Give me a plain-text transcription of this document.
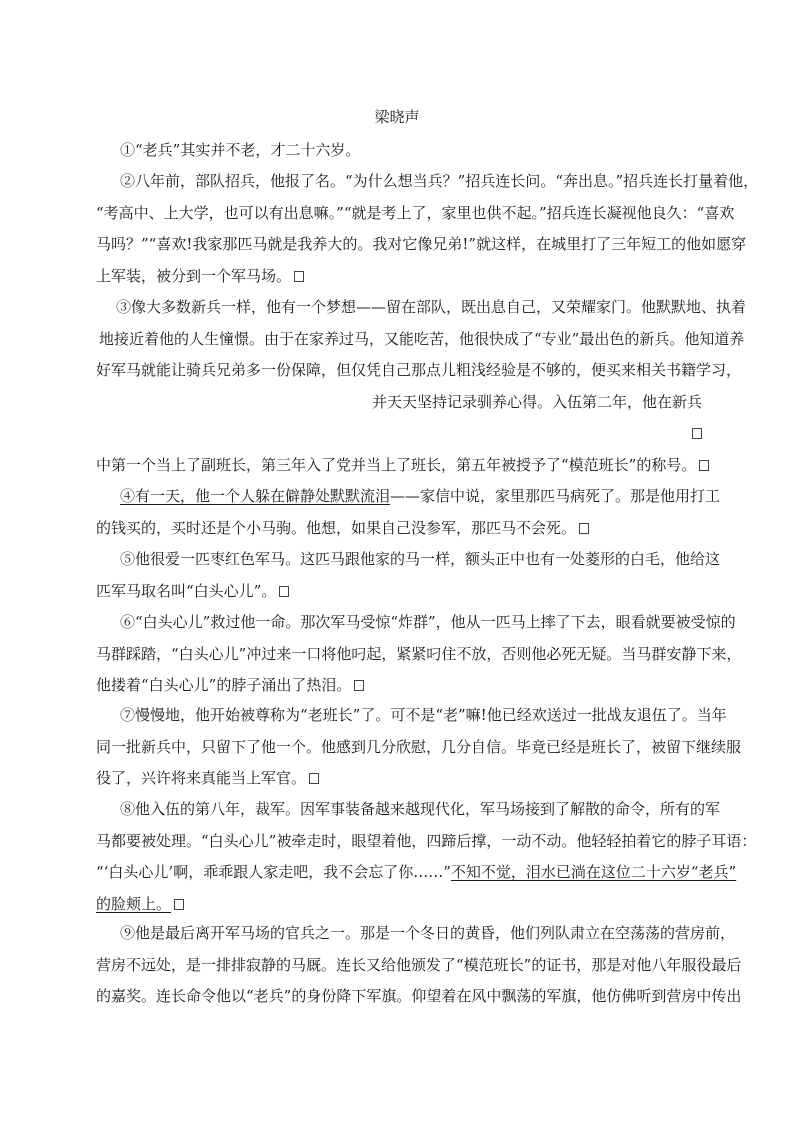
梁晓声
①“老兵”其实并不老，才二十六岁。
②八年前，部队招兵，他报了名。“为什么想当兵？”招兵连长问。“奔出息。”招兵连长打量着他，
“考高中、上大学，也可以有出息嘛。”“就是考上了，家里也供不起。”招兵连长凝视他良久：“喜欢
马吗？”“喜欢!我家那匹马就是我养大的。我对它像兄弟!”就这样，在城里打了三年短工的他如愿穿
上军装，被分到一个军马场。
③像大多数新兵一样，他有一个梦想——留在部队，既出息自己，又荣耀家门。他默默地、执着
地接近着他的人生憧憬。由于在家养过马，又能吃苦，他很快成了“专业”最出色的新兵。他知道养
好军马就能让骑兵兄弟多一份保障，但仅凭自己那点儿粗浅经验是不够的，便买来相关书籍学习，
并天天坚持记录驯养心得。入伍第二年，他在新兵
中第一个当上了副班长，第三年入了党并当上了班长，第五年被授予了“模范班长”的称号。
④有一天，他一个人躲在僻静处默默流泪——家信中说，家里那匹马病死了。那是他用打工
的钱买的，买时还是个小马驹。他想，如果自己没参军，那匹马不会死。
⑤他很爱一匹枣红色军马。这匹马跟他家的马一样，额头正中也有一处菱形的白毛，他给这
匹军马取名叫“白头心儿”。
⑥“白头心儿”救过他一命。那次军马受惊“炸群”，他从一匹马上摔了下去，眼看就要被受惊的
马群踩踏，“白头心儿”冲过来一口将他叼起，紧紧叼住不放，否则他必死无疑。当马群安静下来，
他搂着“白头心儿”的脖子涌出了热泪。
⑦慢慢地，他开始被尊称为“老班长”了。可不是“老”嘛!他已经欢送过一批战友退伍了。当年
同一批新兵中，只留下了他一个。他感到几分欣慰，几分自信。毕竟已经是班长了，被留下继续服
役了，兴许将来真能当上军官。
⑧他入伍的第八年，裁军。因军事装备越来越现代化，军马场接到了解散的命令，所有的军
马都要被处理。“白头心儿”被牵走时，眼望着他，四蹄后撑，一动不动。他轻轻拍着它的脖子耳语：
“‘白头心儿’啊，乖乖跟人家走吧，我不会忘了你……”不知不觉，泪水已淌在这位二十六岁“老兵”
的脸颊上。
⑨他是最后离开军马场的官兵之一。那是一个冬日的黄昏，他们列队肃立在空荡荡的营房前，
营房不远处，是一排排寂静的马厩。连长又给他颁发了“模范班长”的证书，那是对他八年服役最后
的嘉奖。连长命令他以“老兵”的身份降下军旗。仰望着在风中飘荡的军旗，他仿佛听到营房中传出
